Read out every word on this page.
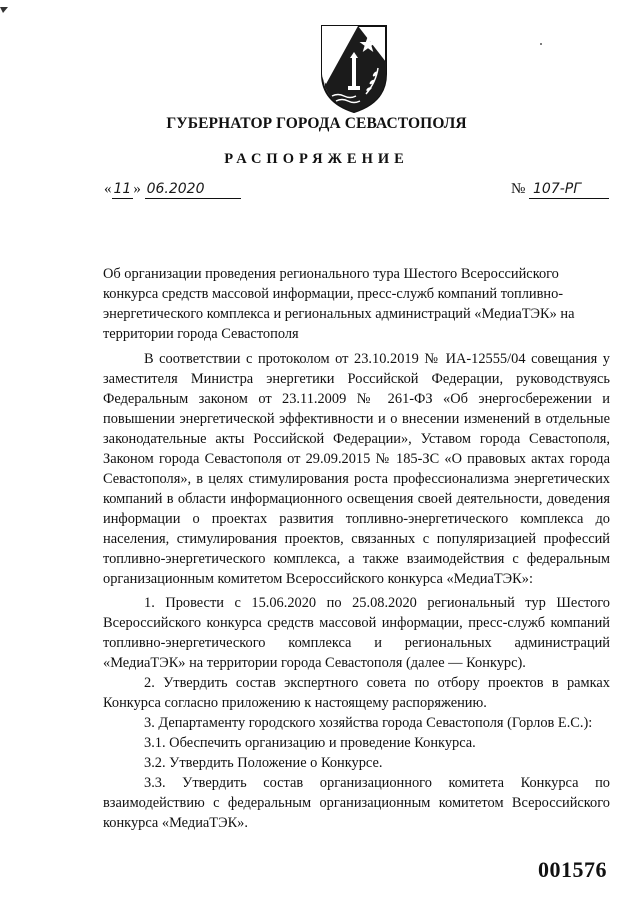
ГУБЕРНАТОР ГОРОДА СЕВАСТОПОЛЯ
РАСПОРЯЖЕНИЕ
« 11 » 06.2020	№ 107-РГ
Об организации проведения регионального тура Шестого Всероссийского конкурса средств массовой информации, пресс-служб компаний топливно-энергетического комплекса и региональных администраций «МедиаТЭК» на территории города Севастополя
В соответствии с протоколом от 23.10.2019 № ИА-12555/04 совещания у заместителя Министра энергетики Российской Федерации, руководствуясь Федеральным законом от 23.11.2009 № 261-ФЗ «Об энергосбережении и повышении энергетической эффективности и о внесении изменений в отдельные законодательные акты Российской Федерации», Уставом города Севастополя, Законом города Севастополя от 29.09.2015 № 185-ЗС «О правовых актах города Севастополя», в целях стимулирования роста профессионализма энергетических компаний в области информационного освещения своей деятельности, доведения информации о проектах развития топливно-энергетического комплекса до населения, стимулирования проектов, связанных с популяризацией профессий топливно-энергетического комплекса, а также взаимодействия с федеральным организационным комитетом Всероссийского конкурса «МедиаТЭК»:

1. Провести с 15.06.2020 по 25.08.2020 региональный тур Шестого Всероссийского конкурса средств массовой информации, пресс-служб компаний топливно-энергетического комплекса и региональных администраций «МедиаТЭК» на территории города Севастополя (далее — Конкурс).

2. Утвердить состав экспертного совета по отбору проектов в рамках Конкурса согласно приложению к настоящему распоряжению.

3. Департаменту городского хозяйства города Севастополя (Горлов Е.С.):

3.1. Обеспечить организацию и проведение Конкурса.

3.2. Утвердить Положение о Конкурсе.

3.3. Утвердить состав организационного комитета Конкурса по взаимодействию с федеральным организационным комитетом Всероссийского конкурса «МедиаТЭК».

001576
